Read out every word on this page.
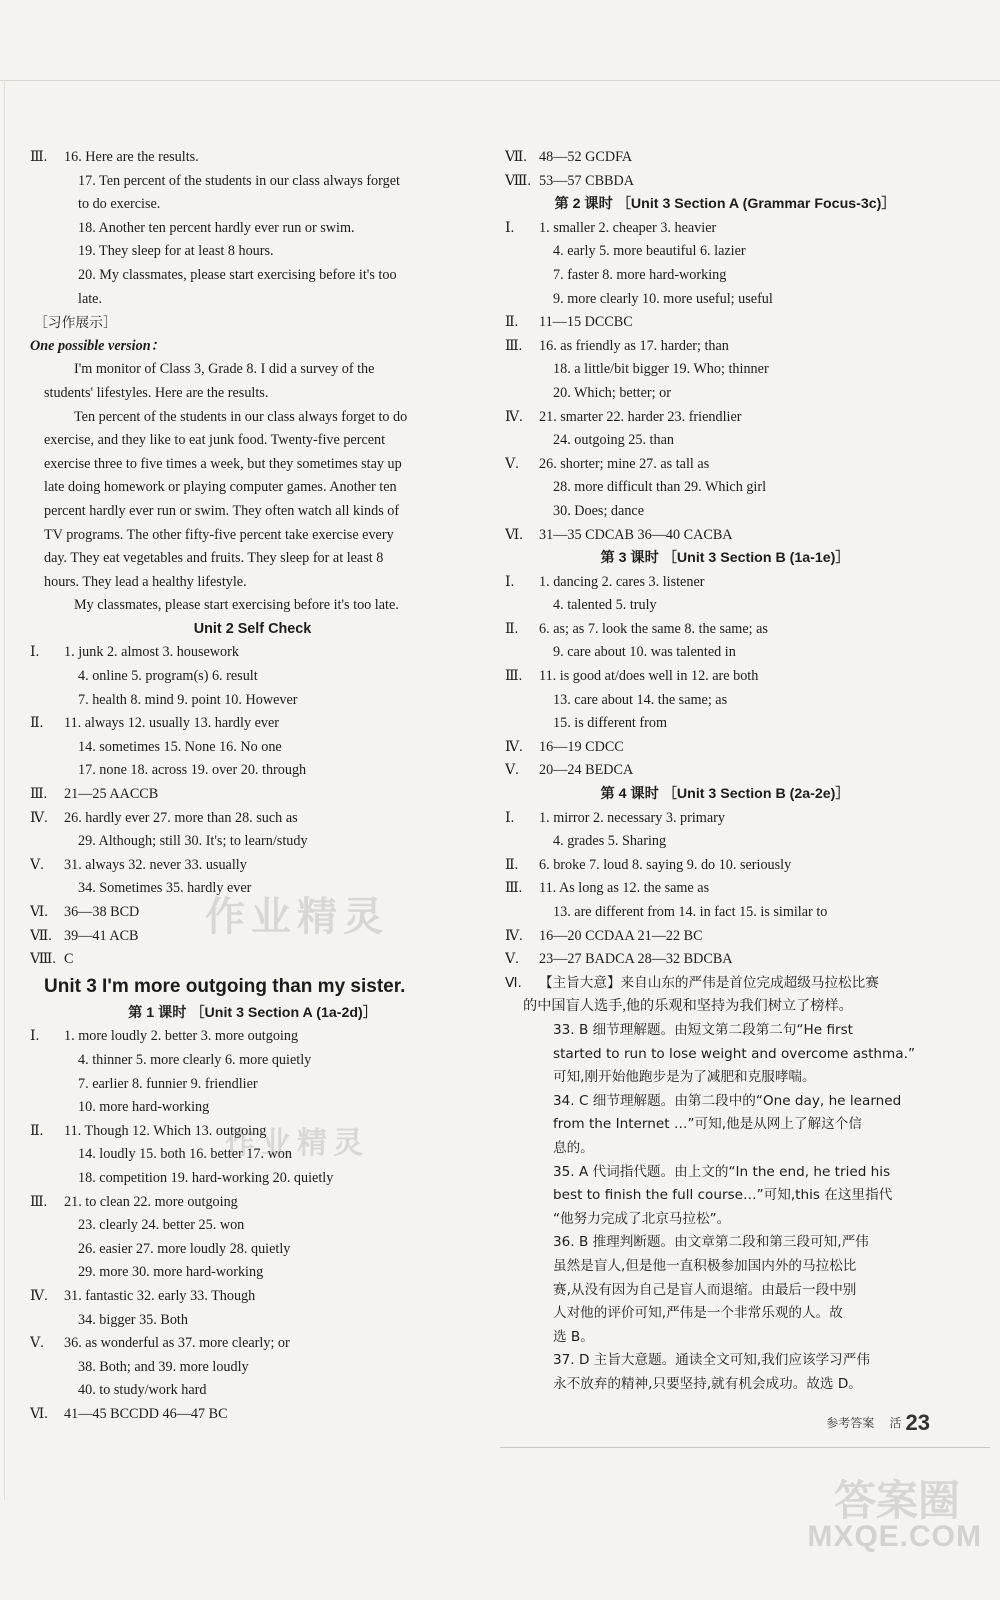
Ⅲ. 16. Here are the results.
17. Ten percent of the students in our class always forget
to do exercise.
18. Another ten percent hardly ever run or swim.
19. They sleep for at least 8 hours.
20. My classmates, please start exercising before it's too
late.
［习作展示］
One possible version：
I'm monitor of Class 3, Grade 8. I did a survey of the
students' lifestyles. Here are the results.
Ten percent of the students in our class always forget to do
exercise, and they like to eat junk food. Twenty-five percent
exercise three to five times a week, but they sometimes stay up
late doing homework or playing computer games. Another ten
percent hardly ever run or swim. They often watch all kinds of
TV programs. The other fifty-five percent take exercise every
day. They eat vegetables and fruits. They sleep for at least 8
hours. They lead a healthy lifestyle.
My classmates, please start exercising before it's too late.
Unit 2 Self Check
Ⅰ. 1. junk 2. almost 3. housework
4. online 5. program(s) 6. result
7. health 8. mind 9. point 10. However
Ⅱ. 11. always 12. usually 13. hardly ever
14. sometimes 15. None 16. No one
17. none 18. across 19. over 20. through
Ⅲ. 21—25 AACCB
Ⅳ. 26. hardly ever 27. more than 28. such as
29. Although; still 30. It's; to learn/study
Ⅴ. 31. always 32. never 33. usually
34. Sometimes 35. hardly ever
Ⅵ. 36—38 BCD
Ⅶ. 39—41 ACB
Ⅷ. C
Unit 3 I'm more outgoing than my sister.
第 1 课时 ［Unit 3 Section A (1a-2d)］
Ⅰ. 1. more loudly 2. better 3. more outgoing
4. thinner 5. more clearly 6. more quietly
7. earlier 8. funnier 9. friendlier
10. more hard-working
Ⅱ. 11. Though 12. Which 13. outgoing
14. loudly 15. both 16. better 17. won
18. competition 19. hard-working 20. quietly
Ⅲ. 21. to clean 22. more outgoing
23. clearly 24. better 25. won
26. easier 27. more loudly 28. quietly
29. more 30. more hard-working
Ⅳ. 31. fantastic 32. early 33. Though
34. bigger 35. Both
Ⅴ. 36. as wonderful as 37. more clearly; or
38. Both; and 39. more loudly
40. to study/work hard
Ⅵ. 41—45 BCCDD 46—47 BC
Ⅶ. 48—52 GCDFA
Ⅷ. 53—57 CBBDA
第 2 课时 ［Unit 3 Section A (Grammar Focus-3c)］
Ⅰ. 1. smaller 2. cheaper 3. heavier
4. early 5. more beautiful 6. lazier
7. faster 8. more hard-working
9. more clearly 10. more useful; useful
Ⅱ. 11—15 DCCBC
Ⅲ. 16. as friendly as 17. harder; than
18. a little/bit bigger 19. Who; thinner
20. Which; better; or
Ⅳ. 21. smarter 22. harder 23. friendlier
24. outgoing 25. than
Ⅴ. 26. shorter; mine 27. as tall as
28. more difficult than 29. Which girl
30. Does; dance
Ⅵ. 31—35 CDCAB 36—40 CACBA
第 3 课时 ［Unit 3 Section B (1a-1e)］
Ⅰ. 1. dancing 2. cares 3. listener
4. talented 5. truly
Ⅱ. 6. as; as 7. look the same 8. the same; as
9. care about 10. was talented in
Ⅲ. 11. is good at/does well in 12. are both
13. care about 14. the same; as
15. is different from
Ⅳ. 16—19 CDCC
Ⅴ. 20—24 BEDCA
第 4 课时 ［Unit 3 Section B (2a-2e)］
Ⅰ. 1. mirror 2. necessary 3. primary
4. grades 5. Sharing
Ⅱ. 6. broke 7. loud 8. saying 9. do 10. seriously
Ⅲ. 11. As long as 12. the same as
13. are different from 14. in fact 15. is similar to
Ⅳ. 16—20 CCDAA 21—22 BC
Ⅴ. 23—27 BADCA 28—32 BDCBA
Ⅵ. 【主旨大意】来自山东的严伟是首位完成超级马拉松比赛
的中国盲人选手,他的乐观和坚持为我们树立了榜样。
33. B 细节理解题。由短文第二段第二句“He first
started to run to lose weight and overcome asthma.”
可知,刚开始他跑步是为了减肥和克服哮喘。
34. C 细节理解题。由第二段中的“One day, he learned
from the Internet …”可知,他是从网上了解这个信
息的。
35. A 代词指代题。由上文的“In the end, he tried his
best to finish the full course…”可知,this 在这里指代
“他努力完成了北京马拉松”。
36. B 推理判断题。由文章第二段和第三段可知,严伟
虽然是盲人,但是他一直积极参加国内外的马拉松比
赛,从没有因为自己是盲人而退缩。由最后一段中别
人对他的评价可知,严伟是一个非常乐观的人。故
选 B。
37. D 主旨大意题。通读全文可知,我们应该学习严伟
永不放弃的精神,只要坚持,就有机会成功。故选 D。
作业精灵
作业精灵
参考答案 活 23
答案圈
MXQE.COM
